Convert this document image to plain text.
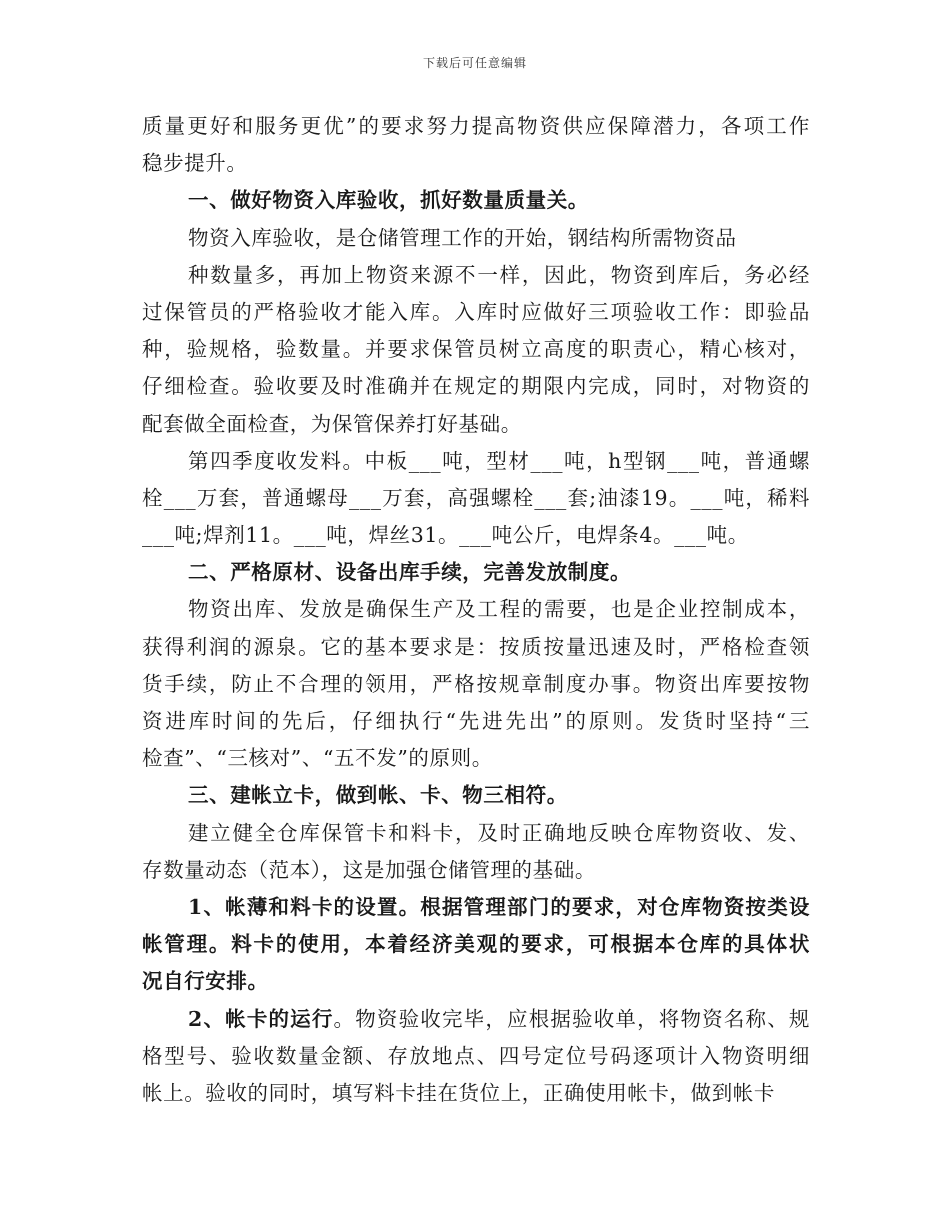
下载后可任意编辑
质量更好和服务更优”的要求努力提高物资供应保障潜力，各项工作
稳步提升。
一、做好物资入库验收，抓好数量质量关。
物资入库验收，是仓储管理工作的开始，钢结构所需物资品
种数量多，再加上物资来源不一样，因此，物资到库后，务必经
过保管员的严格验收才能入库。入库时应做好三项验收工作：即验品
种，验规格，验数量。并要求保管员树立高度的职责心，精心核对，
仔细检查。验收要及时准确并在规定的期限内完成，同时，对物资的
配套做全面检查，为保管保养打好基础。
第四季度收发料。中板___吨，型材___吨，h型钢___吨，普通螺
栓___万套，普通螺母___万套，高强螺栓___套;油漆19。___吨，稀料
___吨;焊剂11。___吨，焊丝31。___吨公斤，电焊条4。___吨。
二、严格原材、设备出库手续，完善发放制度。
物资出库、发放是确保生产及工程的需要，也是企业控制成本，
获得利润的源泉。它的基本要求是：按质按量迅速及时，严格检查领
货手续，防止不合理的领用，严格按规章制度办事。物资出库要按物
资进库时间的先后，仔细执行“先进先出”的原则。发货时坚持“三
检查”、“三核对”、“五不发”的原则。
三、建帐立卡，做到帐、卡、物三相符。
建立健全仓库保管卡和料卡，及时正确地反映仓库物资收、发、
存数量动态（范本），这是加强仓储管理的基础。
1、帐薄和料卡的设置。根据管理部门的要求，对仓库物资按类设
帐管理。料卡的使用，本着经济美观的要求，可根据本仓库的具体状
况自行安排。
2、帐卡的运行。物资验收完毕，应根据验收单，将物资名称、规
格型号、验收数量金额、存放地点、四号定位号码逐项计入物资明细
帐上。验收的同时，填写料卡挂在货位上，正确使用帐卡，做到帐卡
